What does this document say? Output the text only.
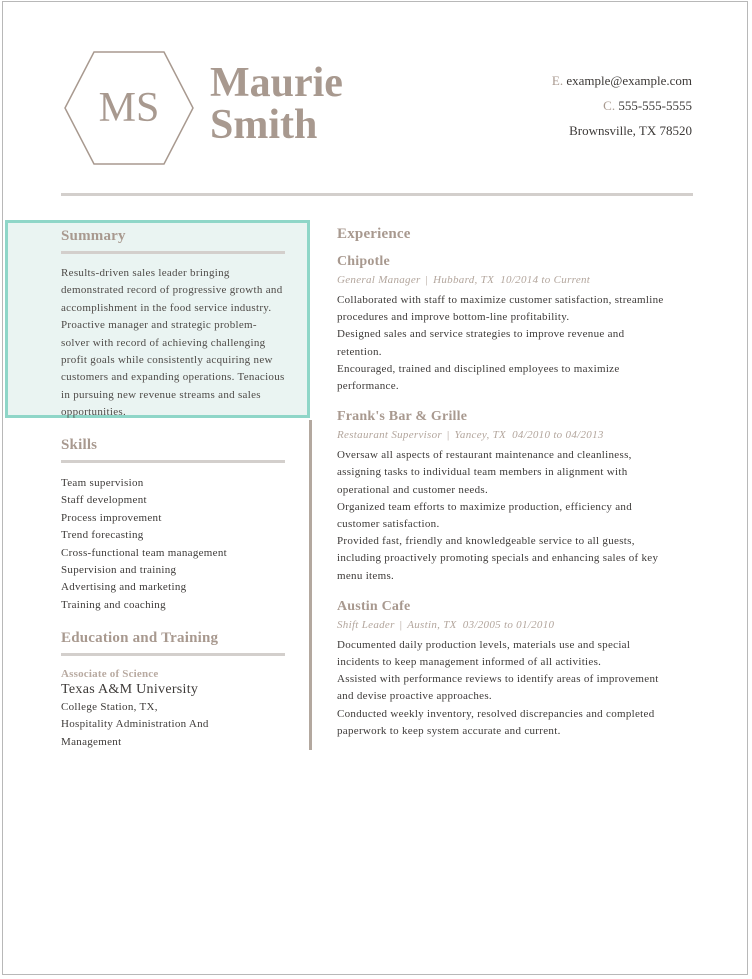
MS
Maurie
Smith
E. example@example.com
C. 555-555-5555
Brownsville, TX 78520
Summary
Results-driven sales leader bringing demonstrated record of progressive growth and accomplishment in the food service industry. Proactive manager and strategic problem-solver with record of achieving challenging profit goals while consistently acquiring new customers and expanding operations. Tenacious in pursuing new revenue streams and sales opportunities.
Skills
Team supervision
Staff development
Process improvement
Trend forecasting
Cross-functional team management
Supervision and training
Advertising and marketing
Training and coaching
Education and Training
Associate of Science
Texas A&M University
College Station, TX,
Hospitality Administration And
Management
Experience
Chipotle
General Manager | Hubbard, TX 10/2014 to Current

Collaborated with staff to maximize customer satisfaction, streamline

procedures and improve bottom-line profitability.

Designed sales and service strategies to improve revenue and

retention.

Encouraged, trained and disciplined employees to maximize

performance.

Frank's Bar & Grille
Restaurant Supervisor | Yancey, TX 04/2010 to 04/2013

Oversaw all aspects of restaurant maintenance and cleanliness,

assigning tasks to individual team members in alignment with

operational and customer needs.

Organized team efforts to maximize production, efficiency and

customer satisfaction.

Provided fast, friendly and knowledgeable service to all guests,

including proactively promoting specials and enhancing sales of key

menu items.

Austin Cafe
Shift Leader | Austin, TX 03/2005 to 01/2010

Documented daily production levels, materials use and special

incidents to keep management informed of all activities.

Assisted with performance reviews to identify areas of improvement

and devise proactive approaches.

Conducted weekly inventory, resolved discrepancies and completed

paperwork to keep system accurate and current.
